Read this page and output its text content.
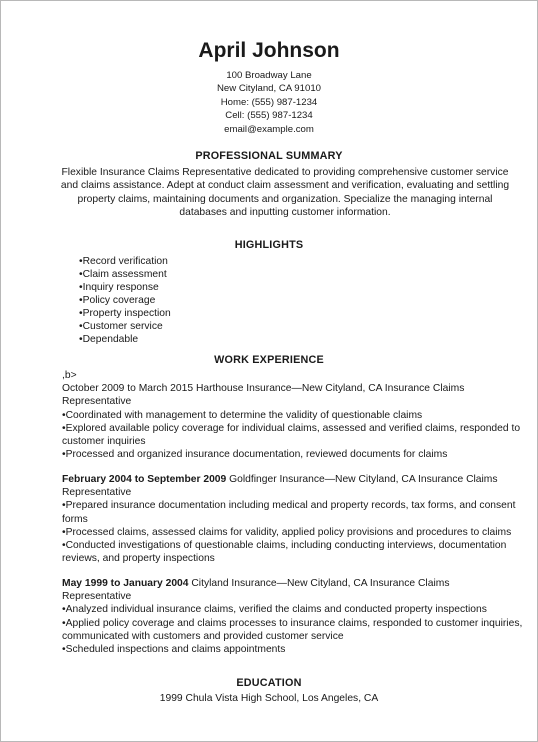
April Johnson
100 Broadway Lane
New Cityland, CA 91010
Home: (555) 987-1234
Cell: (555) 987-1234
email@example.com
PROFESSIONAL SUMMARY
Flexible Insurance Claims Representative dedicated to providing comprehensive customer service
and claims assistance. Adept at conduct claim assessment and verification, evaluating and settling
property claims, maintaining documents and organization. Specialize the managing internal
databases and inputting customer information.
HIGHLIGHTS
•Record verification
•Claim assessment
•Inquiry response
•Policy coverage
•Property inspection
•Customer service
•Dependable
WORK EXPERIENCE
,b>
October 2009 to March 2015 Harthouse Insurance—New Cityland, CA Insurance Claims
Representative
•Coordinated with management to determine the validity of questionable claims
•Explored available policy coverage for individual claims, assessed and verified claims, responded to
customer inquiries
•Processed and organized insurance documentation, reviewed documents for claims
February 2004 to September 2009 Goldfinger Insurance—New Cityland, CA Insurance Claims
Representative
•Prepared insurance documentation including medical and property records, tax forms, and consent
forms
•Processed claims, assessed claims for validity, applied policy provisions and procedures to claims
•Conducted investigations of questionable claims, including conducting interviews, documentation
reviews, and property inspections
May 1999 to January 2004 Cityland Insurance—New Cityland, CA Insurance Claims
Representative
•Analyzed individual insurance claims, verified the claims and conducted property inspections
•Applied policy coverage and claims processes to insurance claims, responded to customer inquiries,
communicated with customers and provided customer service
•Scheduled inspections and claims appointments
EDUCATION
1999 Chula Vista High School, Los Angeles, CA
